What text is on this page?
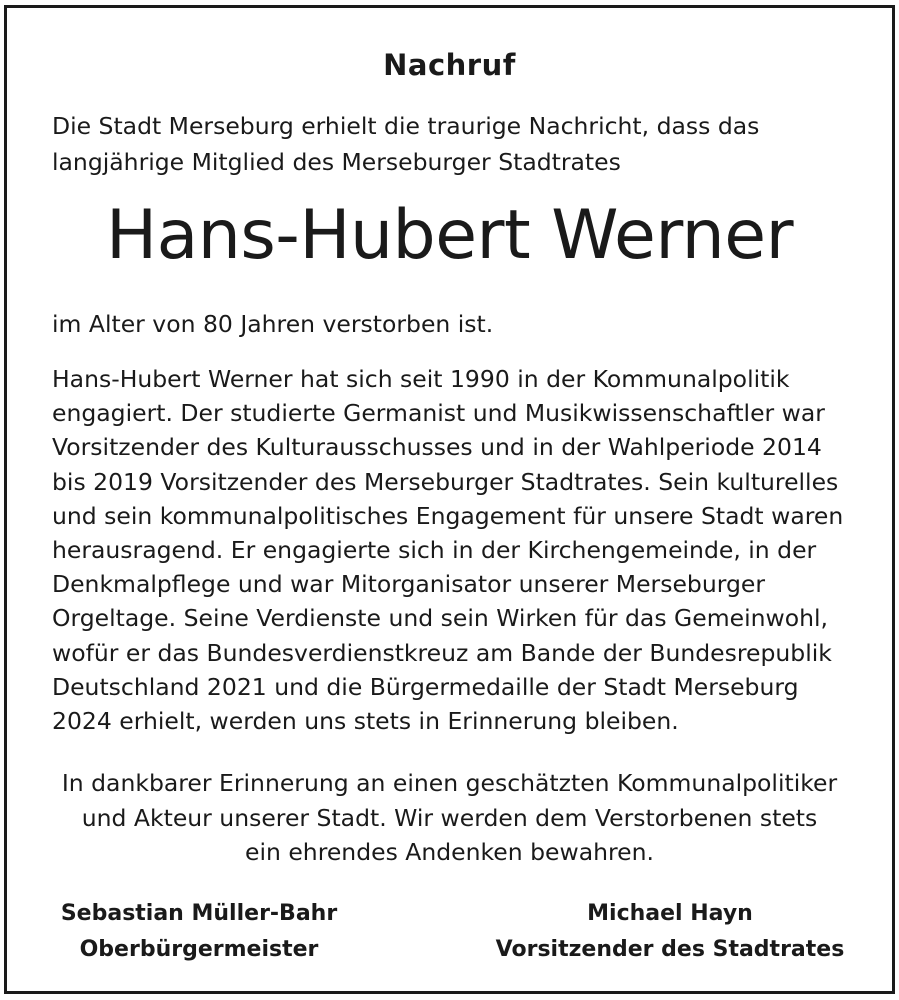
Nachruf
Die Stadt Merseburg erhielt die traurige Nachricht, dass das
langjährige Mitglied des Merseburger Stadtrates
Hans-Hubert Werner
im Alter von 80 Jahren verstorben ist.
Hans-Hubert Werner hat sich seit 1990 in der Kommunalpolitik
engagiert. Der studierte Germanist und Musikwissenschaftler war
Vorsitzender des Kulturausschusses und in der Wahlperiode 2014
bis 2019 Vorsitzender des Merseburger Stadtrates. Sein kulturelles
und sein kommunalpolitisches Engagement für unsere Stadt waren
herausragend. Er engagierte sich in der Kirchengemeinde, in der
Denkmalpflege und war Mitorganisator unserer Merseburger
Orgeltage. Seine Verdienste und sein Wirken für das Gemeinwohl,
wofür er das Bundesverdienstkreuz am Bande der Bundesrepublik
Deutschland 2021 und die Bürgermedaille der Stadt Merseburg
2024 erhielt, werden uns stets in Erinnerung bleiben.
In dankbarer Erinnerung an einen geschätzten Kommunalpolitiker
und Akteur unserer Stadt. Wir werden dem Verstorbenen stets
ein ehrendes Andenken bewahren.
Sebastian Müller-Bahr
Oberbürgermeister
Michael Hayn
Vorsitzender des Stadtrates
